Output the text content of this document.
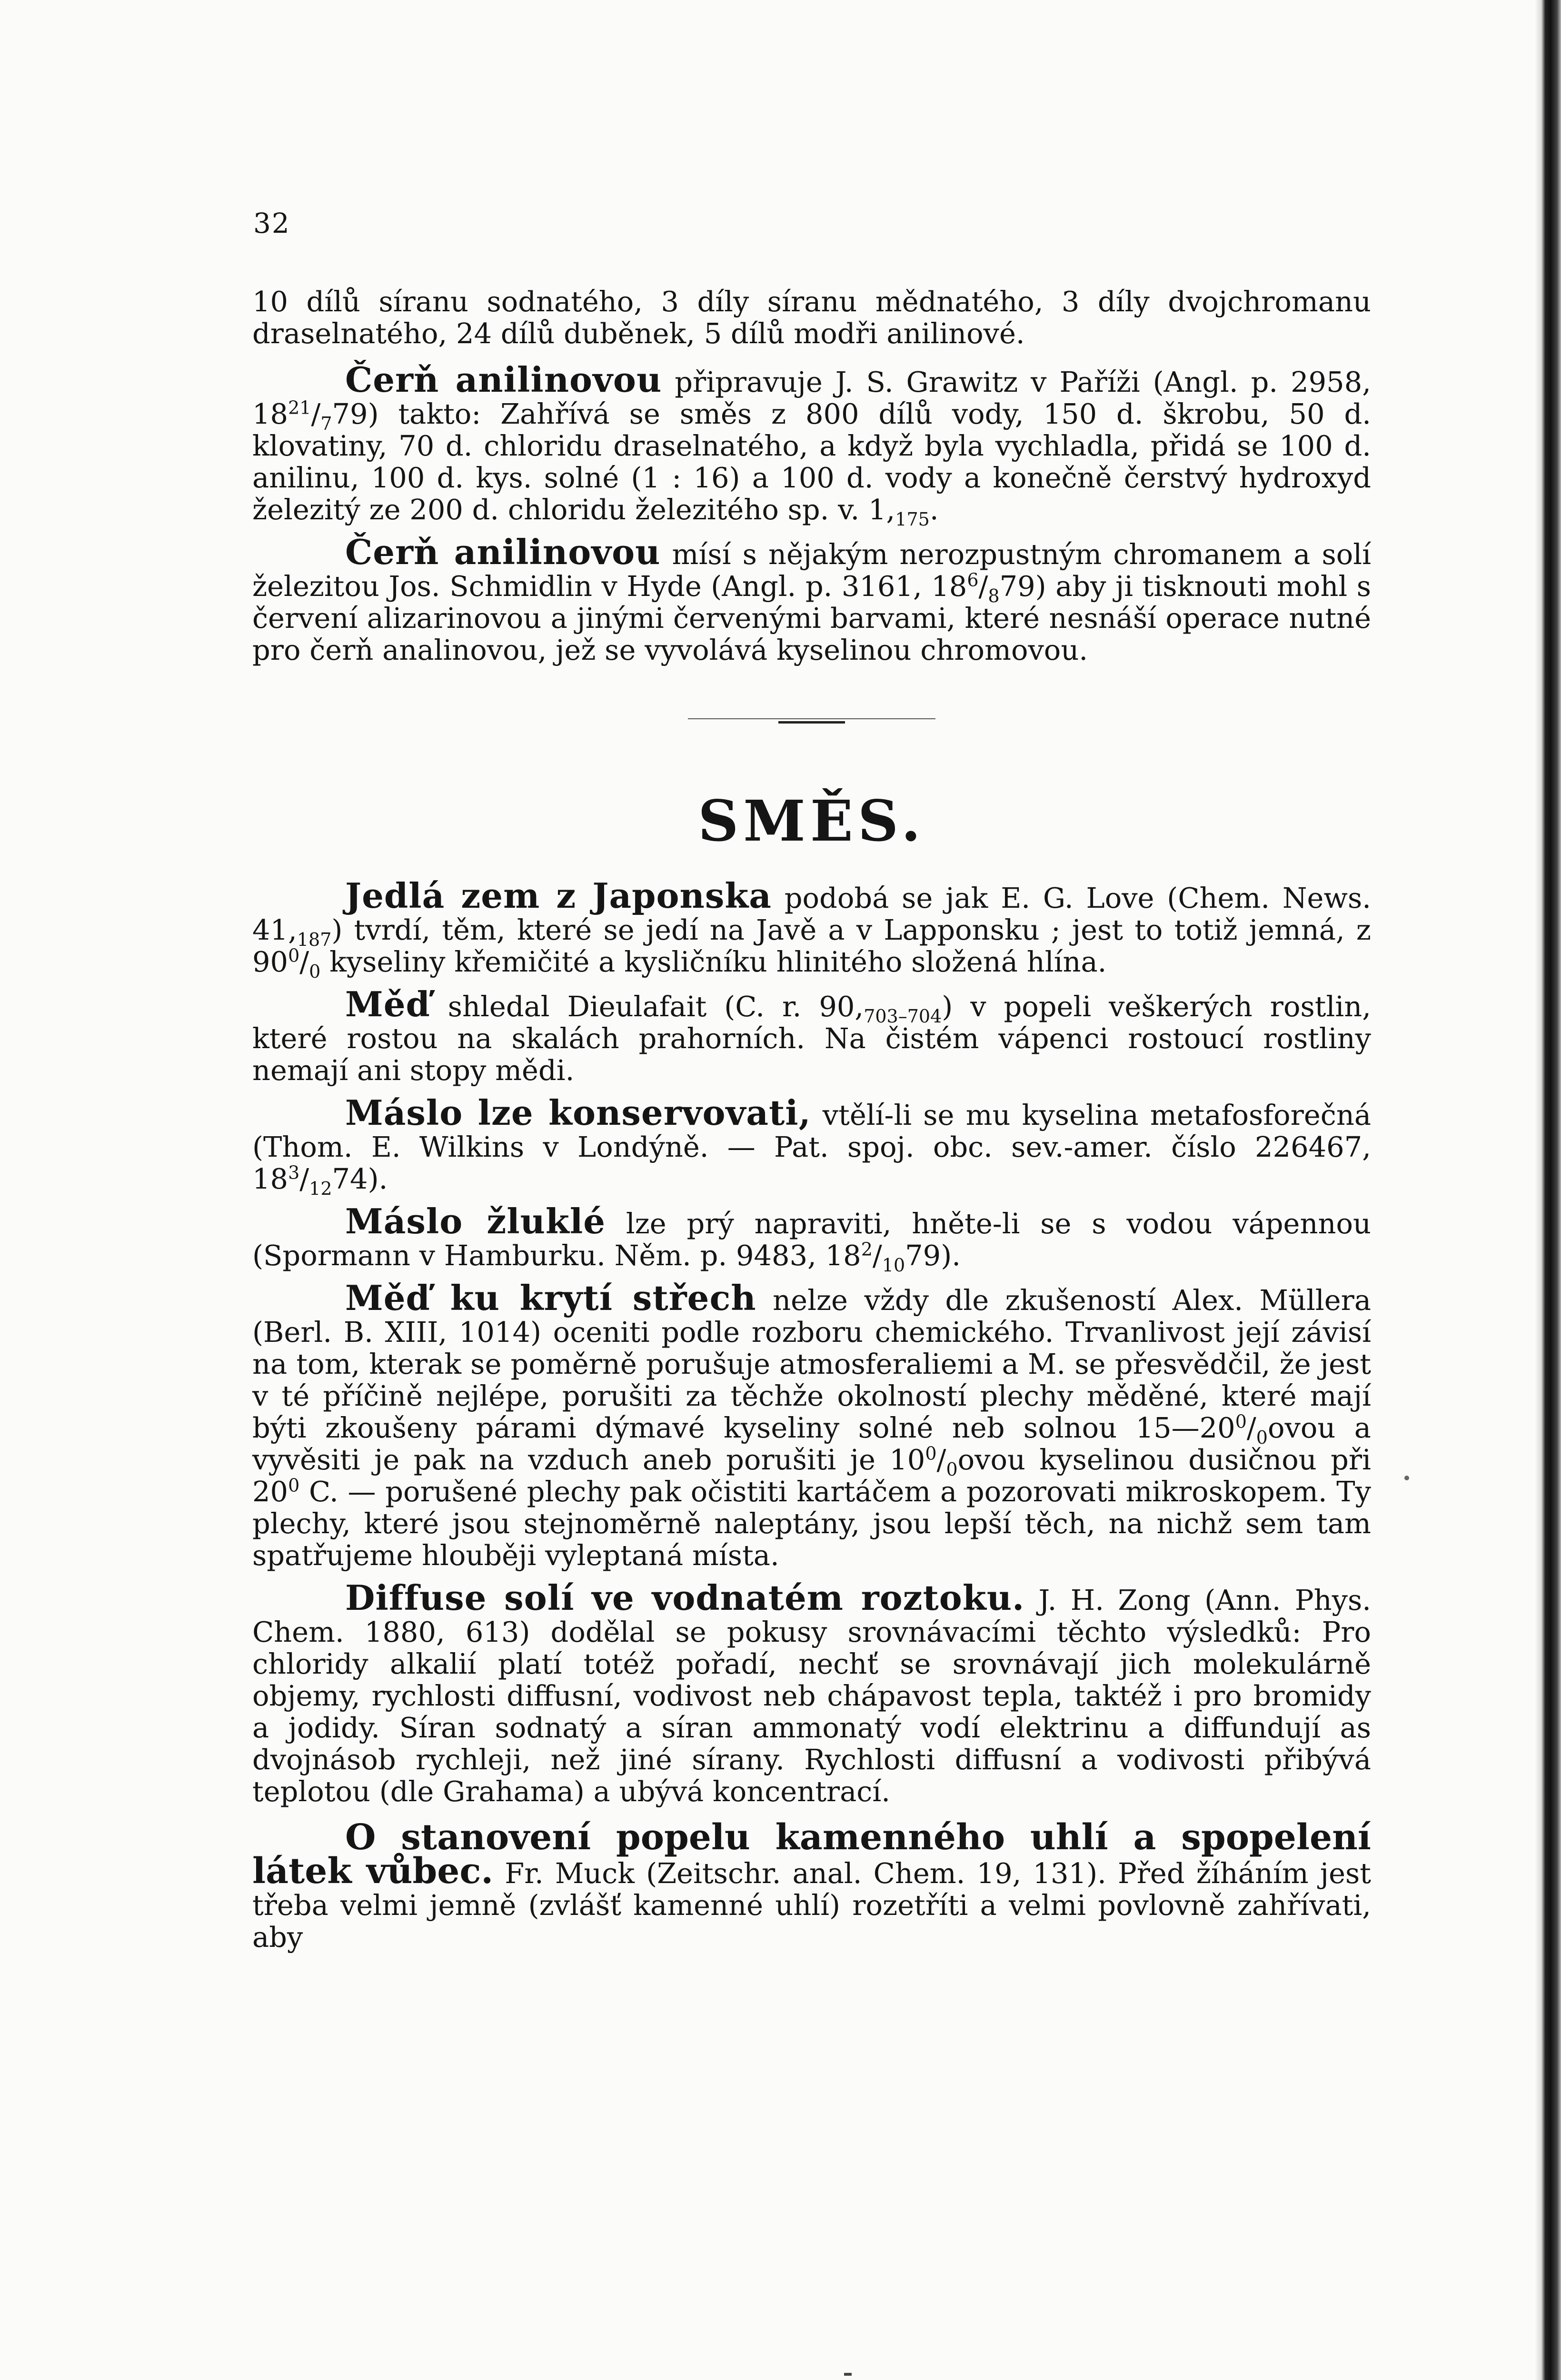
32

10 dílů síranu sodnatého, 3 díly síranu mědnatého, 3 díly dvojchromanu draselnatého, 24 dílů duběnek, 5 dílů modři anilinové.

Čerň anilinovou připravuje J. S. Grawitz v Paříži (Angl. p. 2958, $18^{21}/_779$) takto: Zahřívá se směs z 800 dílů vody, 150 d. škrobu, 50 d. klovatiny, 70 d. chloridu draselnatého, a když byla vychladla, přidá se 100 d. anilinu, 100 d. kys. solné (1 : 16) a 100 d. vody a konečně čerstvý hydroxyd železitý ze 200 d. chloridu železitého sp. v. $1,_{175}$.

Čerň anilinovou mísí s nějakým nerozpustným chromanem a solí železitou Jos. Schmidlin v Hyde (Angl. p. 3161, $18^6/_879$) aby ji tisknouti mohl s červení alizarinovou a jinými červenými barvami, které nesnáší operace nutné pro čerň analinovou, jež se vyvolává kyselinou chromovou.

SMĚS.

Jedlá zem z Japonska podobá se jak E. G. Love (Chem. News. $41,_{187}$) tvrdí, těm, které se jedí na Javě a v Lapponsku ; jest to totiž jemná, z $90^0/_0$ kyseliny křemičité a kysličníku hlinitého složená hlína.

Měď shledal Dieulafait (C. r. $90,_{703-704}$) v popeli veškerých rostlin, které rostou na skalách prahorních. Na čistém vápenci rostoucí rostliny nemají ani stopy mědi.

Máslo lze konservovati, vtělí-li se mu kyselina metafosforečná (Thom. E. Wilkins v Londýně. — Pat. spoj. obc. sev.-amer. číslo 226467, $18^3/_{12}74$).

Máslo žluklé lze prý napraviti, hněte-li se s vodou vápennou (Spormann v Hamburku. Něm. p. 9483, $18^2/_{10}79$).

Měď ku krytí střech nelze vždy dle zkušeností Alex. Müllera (Berl. B. XIII, 1014) oceniti podle rozboru chemického. Trvanlivost její závisí na tom, kterak se poměrně porušuje atmosferaliemi a M. se přesvědčil, že jest v té příčině nejlépe, porušiti za těchže okolností plechy měděné, které mají býti zkoušeny párami dýmavé kyseliny solné neb solnou $15—20^0/_0ovou$ a vyvěsiti je pak na vzduch aneb porušiti je $10^0/_0ovou$ kyselinou dusičnou při $20^0$ C. — porušené plechy pak očistiti kartáčem a pozorovati mikroskopem. Ty plechy, které jsou stejnoměrně naleptány, jsou lepší těch, na nichž sem tam spatřujeme hlouběji vyleptaná místa.

Diffuse solí ve vodnatém roztoku. J. H. Zong (Ann. Phys. Chem. 1880, 613) dodělal se pokusy srovnávacími těchto výsledků: Pro chloridy alkalií platí totéž pořadí, nechť se srovnávají jich molekulárně objemy, rychlosti diffusní, vodivost neb chápavost tepla, taktéž i pro bromidy a jodidy. Síran sodnatý a síran ammonatý vodí elektrinu a diffundují as dvojnásob rychleji, než jiné sírany. Rychlosti diffusní a vodivosti přibývá teplotou (dle Grahama) a ubývá koncentrací.

O stanovení popelu kamenného uhlí a spopelení látek vůbec. Fr. Muck (Zeitschr. anal. Chem. 19, 131). Před žíháním jest třeba velmi jemně (zvlášť kamenné uhlí) rozetříti a velmi povlovně zahřívati, aby
